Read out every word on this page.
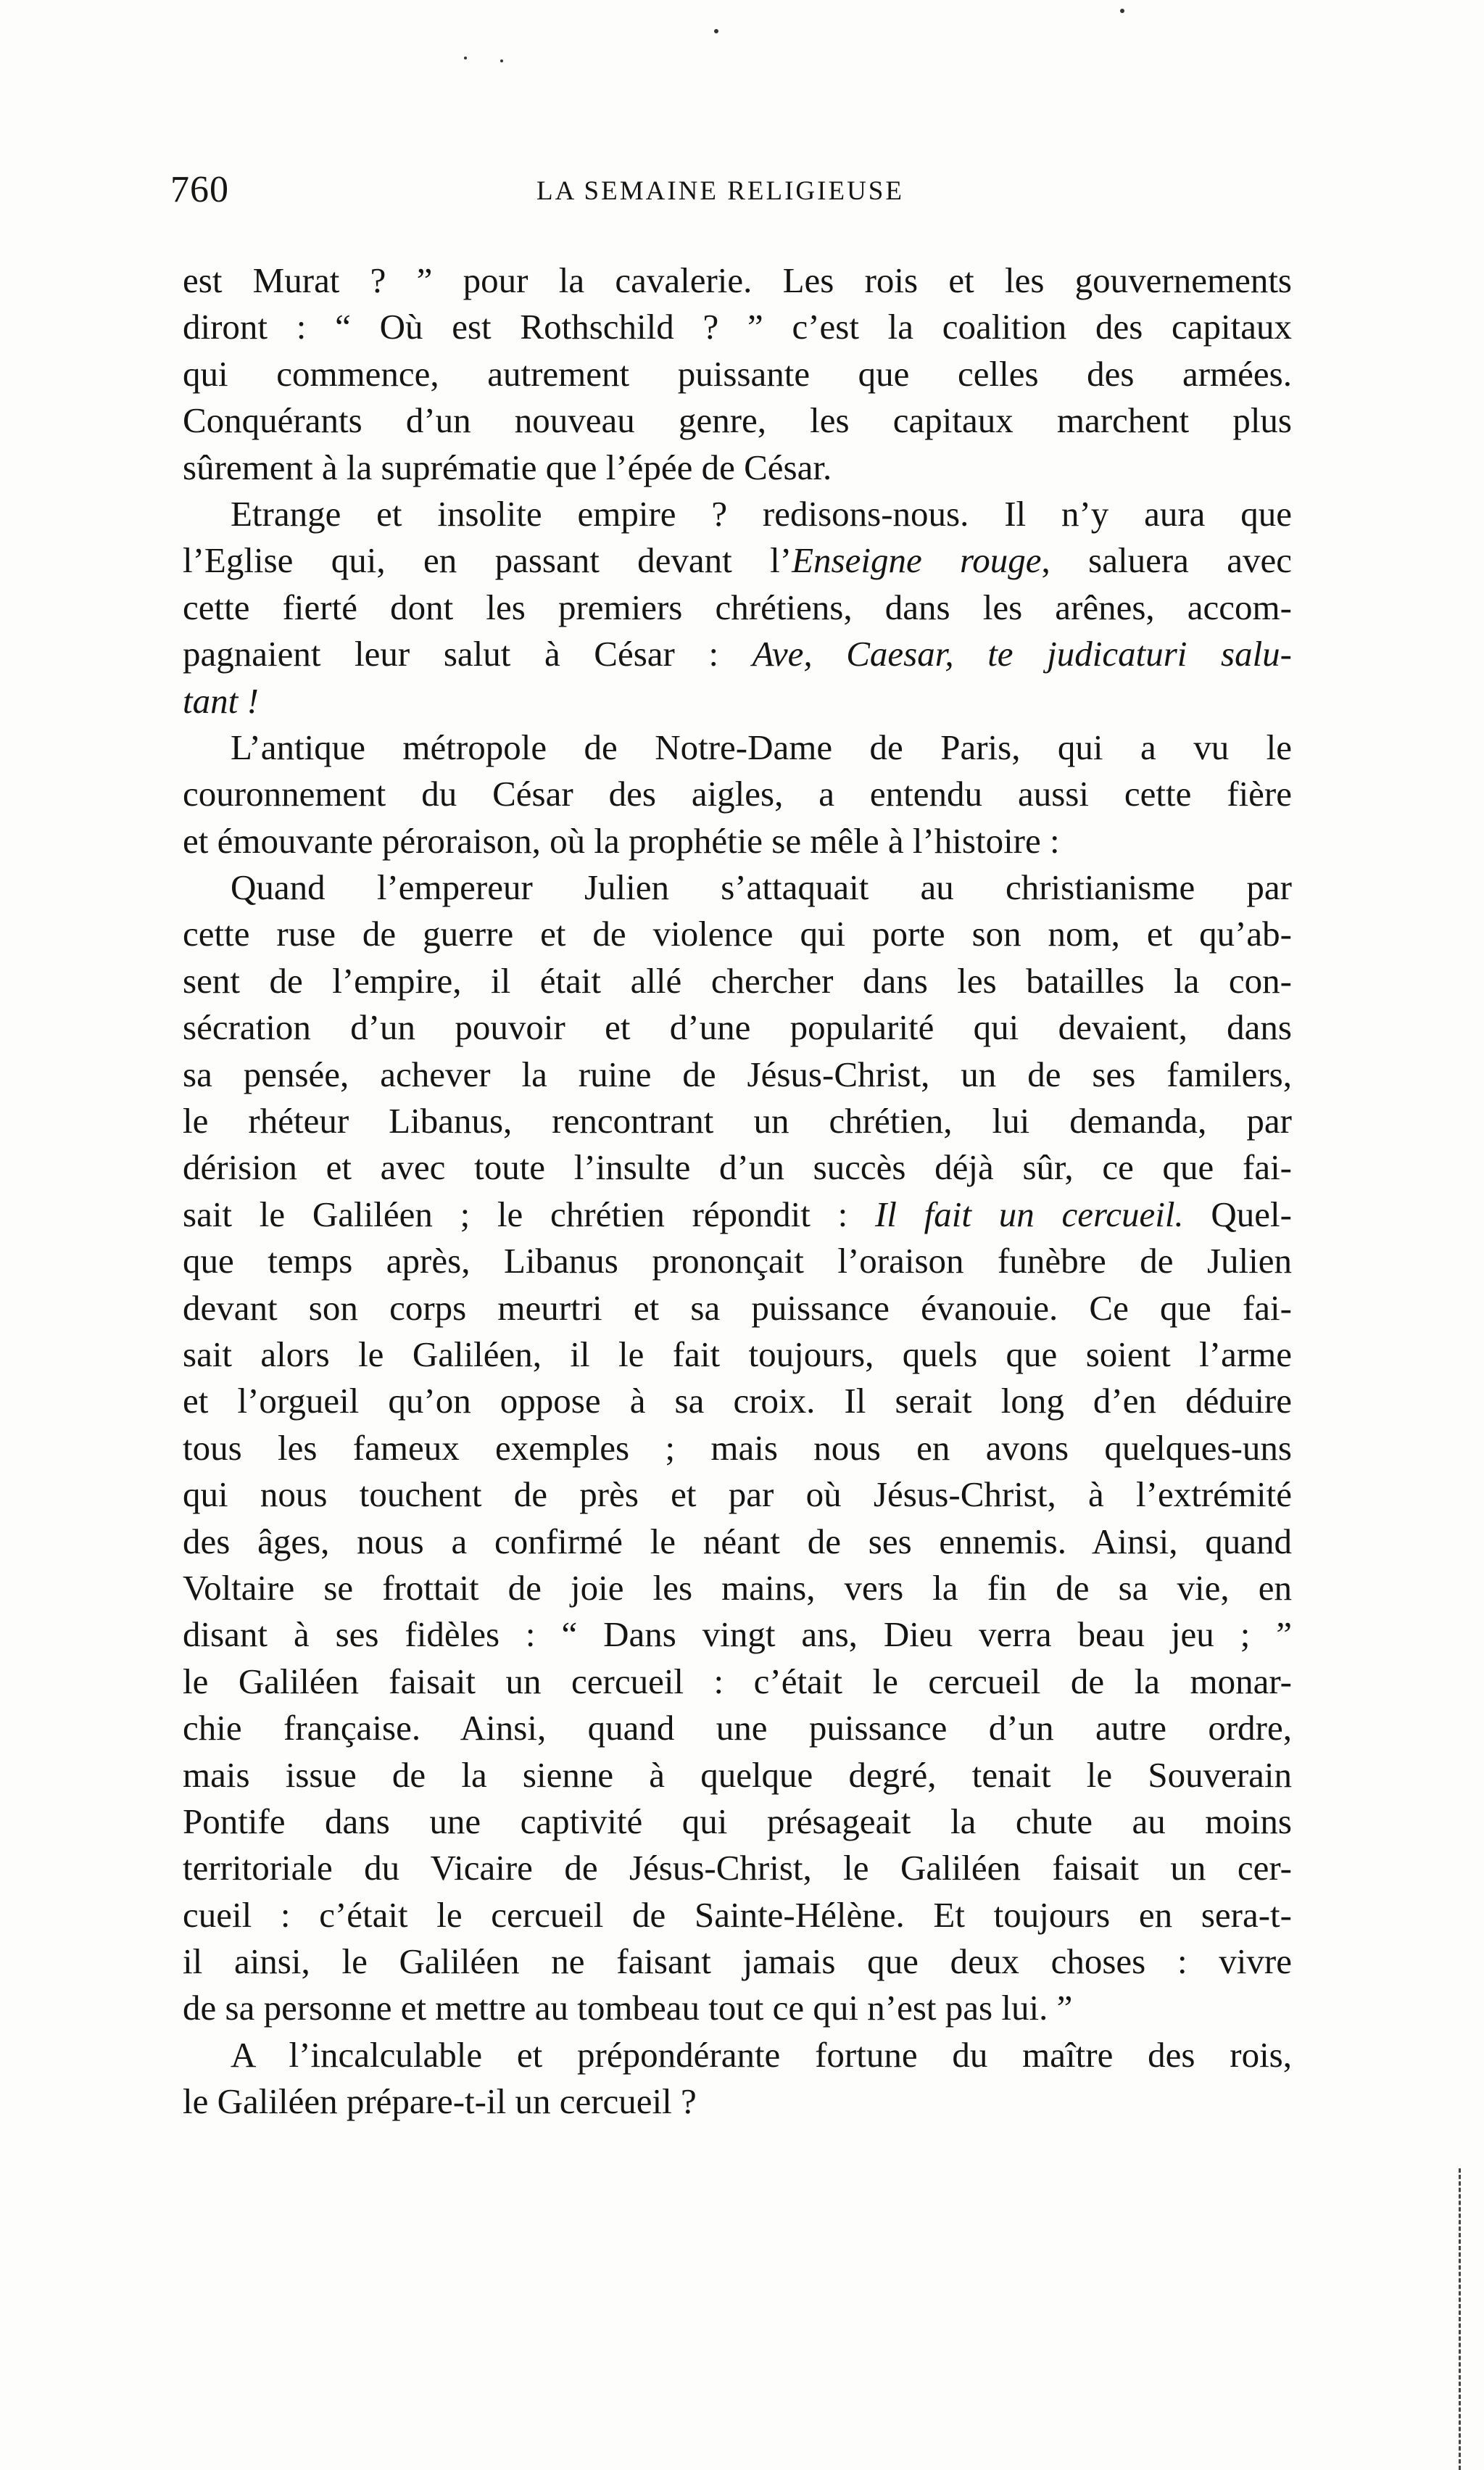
760	LA SEMAINE RELIGIEUSE
est Murat ? ” pour la cavalerie. Les rois et les gouvernements
diront : “ Où est Rothschild ? ” c’est la coalition des capitaux
qui commence, autrement puissante que celles des armées.
Conquérants d’un nouveau genre, les capitaux marchent plus
sûrement à la suprématie que l’épée de César.
Etrange et insolite empire ? redisons-nous. Il n’y aura que
l’Eglise qui, en passant devant l’Enseigne rouge, saluera avec
cette fierté dont les premiers chrétiens, dans les arênes, accom-
pagnaient leur salut à César : Ave, Caesar, te judicaturi salu-
tant !
L’antique métropole de Notre-Dame de Paris, qui a vu le
couronnement du César des aigles, a entendu aussi cette fière
et émouvante péroraison, où la prophétie se mêle à l’histoire :
Quand l’empereur Julien s’attaquait au christianisme par
cette ruse de guerre et de violence qui porte son nom, et qu’ab-
sent de l’empire, il était allé chercher dans les batailles la con-
sécration d’un pouvoir et d’une popularité qui devaient, dans
sa pensée, achever la ruine de Jésus-Christ, un de ses familers,
le rhéteur Libanus, rencontrant un chrétien, lui demanda, par
dérision et avec toute l’insulte d’un succès déjà sûr, ce que fai-
sait le Galiléen ; le chrétien répondit : Il fait un cercueil. Quel-
que temps après, Libanus prononçait l’oraison funèbre de Julien
devant son corps meurtri et sa puissance évanouie. Ce que fai-
sait alors le Galiléen, il le fait toujours, quels que soient l’arme
et l’orgueil qu’on oppose à sa croix. Il serait long d’en déduire
tous les fameux exemples ; mais nous en avons quelques-uns
qui nous touchent de près et par où Jésus-Christ, à l’extrémité
des âges, nous a confirmé le néant de ses ennemis. Ainsi, quand
Voltaire se frottait de joie les mains, vers la fin de sa vie, en
disant à ses fidèles : “ Dans vingt ans, Dieu verra beau jeu ; ”
le Galiléen faisait un cercueil : c’était le cercueil de la monar-
chie française. Ainsi, quand une puissance d’un autre ordre,
mais issue de la sienne à quelque degré, tenait le Souverain
Pontife dans une captivité qui présageait la chute au moins
territoriale du Vicaire de Jésus-Christ, le Galiléen faisait un cer-
cueil : c’était le cercueil de Sainte-Hélène. Et toujours en sera-t-
il ainsi, le Galiléen ne faisant jamais que deux choses : vivre
de sa personne et mettre au tombeau tout ce qui n’est pas lui. ”
A l’incalculable et prépondérante fortune du maître des rois,
le Galiléen prépare-t-il un cercueil ?
